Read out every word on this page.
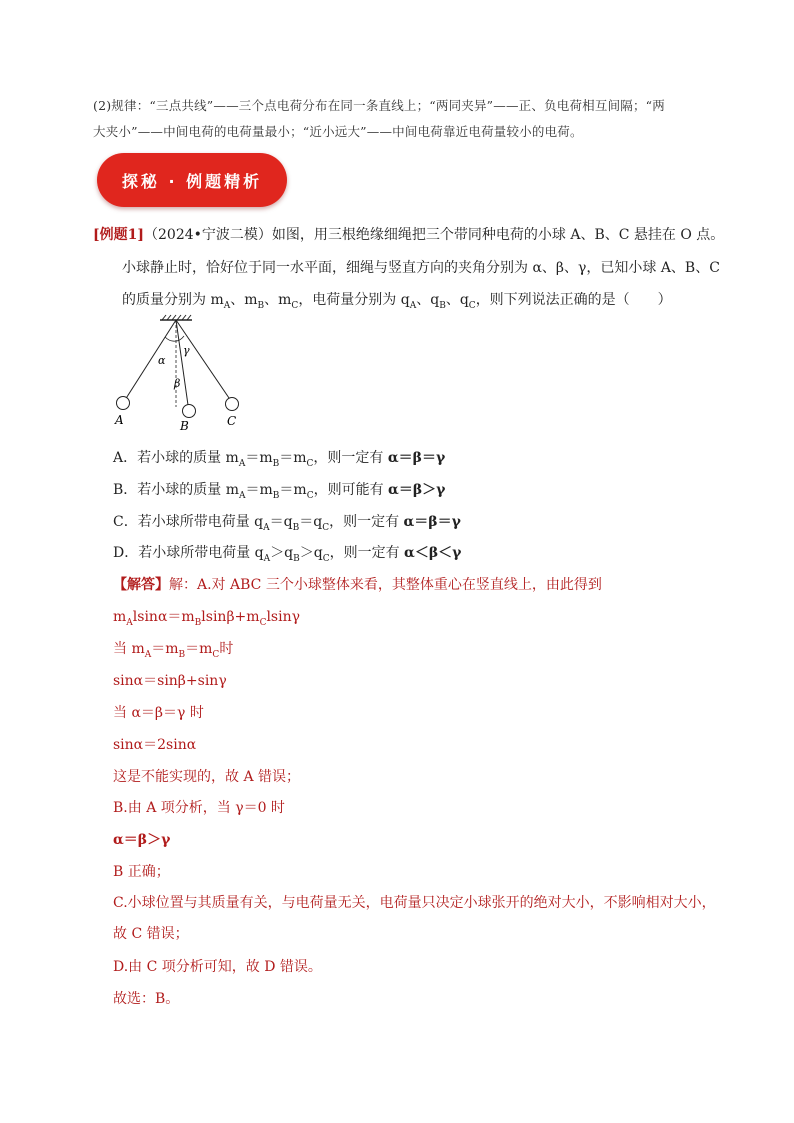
(2)规律：“三点共线”——三个点电荷分布在同一条直线上；“两同夹异”——正、负电荷相互间隔；“两
大夹小”——中间电荷的电荷量最小；“近小远大”——中间电荷靠近电荷量较小的电荷。
探秘 · 例题精析
[例题1]（2024•宁波二模）如图，用三根绝缘细绳把三个带同种电荷的小球 A、B、C 悬挂在 O 点。
小球静止时，恰好位于同一水平面，细绳与竖直方向的夹角分别为 α、β、γ，已知小球 A、B、C
的质量分别为 $m_A$、$m_B$、$m_C$，电荷量分别为 $q_A$、$q_B$、$q_C$，则下列说法正确的是（　　）
α
β
γ
A	B	C
A．若小球的质量 $m_A=m_B=m_C$，则一定有 α＝β＝γ
B．若小球的质量 $m_A=m_B=m_C$，则可能有 α＝β＞γ
C．若小球所带电荷量 $q_A=q_B=q_C$，则一定有 α＝β＝γ
D．若小球所带电荷量 $q_A>q_B>q_C$，则一定有 α＜β＜γ
【解答】解：A.对 ABC 三个小球整体来看，其整体重心在竖直线上，由此得到
$m_Alsin\alpha=m_Blsin\beta+m_Clsin\gamma$
当 $m_A=m_B=m_C$时
sinα＝sinβ+sinγ
当 α＝β＝γ 时
sinα＝2sinα
这是不能实现的，故 A 错误；
B.由 A 项分析，当 γ＝0 时
α＝β＞γ
B 正确；
C.小球位置与其质量有关，与电荷量无关，电荷量只决定小球张开的绝对大小，不影响相对大小，
故 C 错误；
D.由 C 项分析可知，故 D 错误。
故选：B。
